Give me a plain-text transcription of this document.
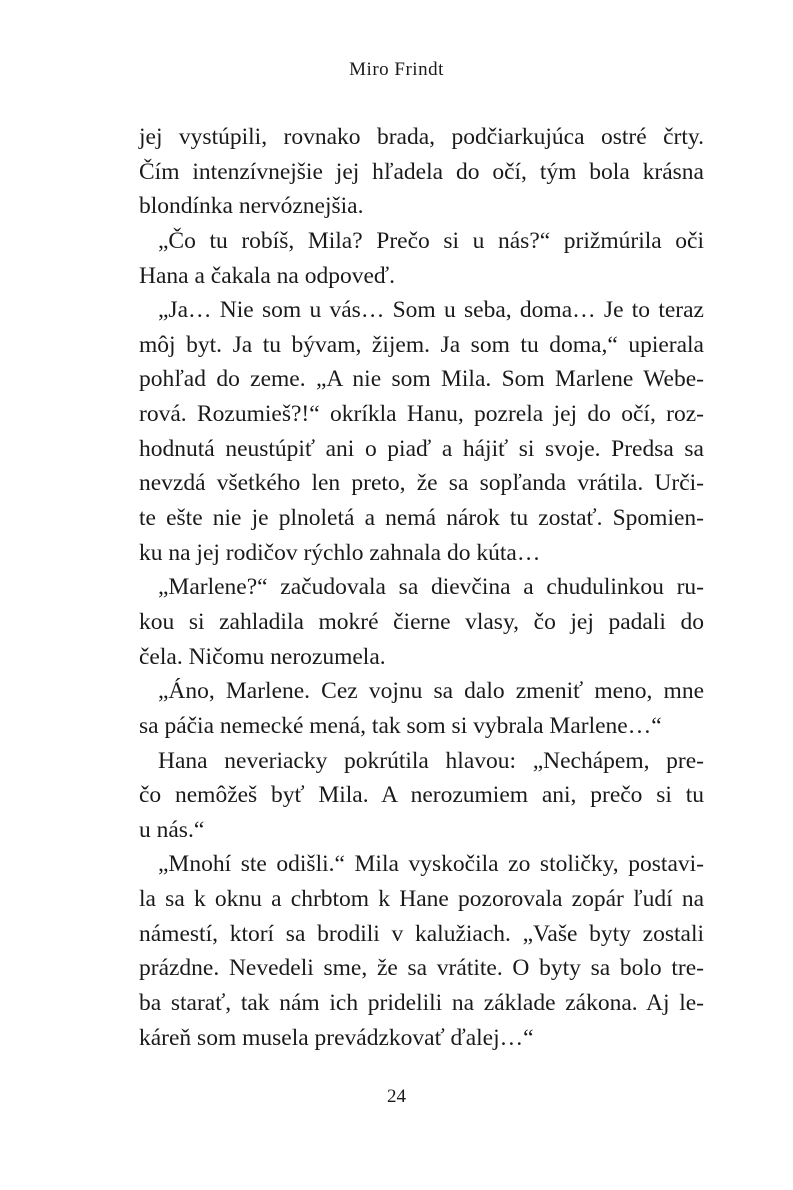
Miro Frindt
jej vystúpili, rovnako brada, podčiarkujúca ostré črty.
Čím intenzívnejšie jej hľadela do očí, tým bola krásna
blondínka nervóznejšia.
„Čo tu robíš, Mila? Prečo si u nás?“ prižmúrila oči
Hana a čakala na odpoveď.
„Ja… Nie som u vás… Som u seba, doma… Je to teraz
môj byt. Ja tu bývam, žijem. Ja som tu doma,“ upierala
pohľad do zeme. „A nie som Mila. Som Marlene Webe-
rová. Rozumieš?!“ okríkla Hanu, pozrela jej do očí, roz-
hodnutá neustúpiť ani o piaď a hájiť si svoje. Predsa sa
nevzdá všetkého len preto, že sa sopľanda vrátila. Urči-
te ešte nie je plnoletá a nemá nárok tu zostať. Spomien-
ku na jej rodičov rýchlo zahnala do kúta…
„Marlene?“ začudovala sa dievčina a chudulinkou ru-
kou si zahladila mokré čierne vlasy, čo jej padali do
čela. Ničomu nerozumela.
„Áno, Marlene. Cez vojnu sa dalo zmeniť meno, mne
sa páčia nemecké mená, tak som si vybrala Marlene…“
Hana neveriacky pokrútila hlavou: „Nechápem, pre-
čo nemôžeš byť Mila. A nerozumiem ani, prečo si tu
u nás.“
„Mnohí ste odišli.“ Mila vyskočila zo stoličky, postavi-
la sa k oknu a chrbtom k Hane pozorovala zopár ľudí na
námestí, ktorí sa brodili v kalužiach. „Vaše byty zostali
prázdne. Nevedeli sme, že sa vrátite. O byty sa bolo tre-
ba starať, tak nám ich pridelili na základe zákona. Aj le-
káreň som musela prevádzkovať ďalej…“
24
